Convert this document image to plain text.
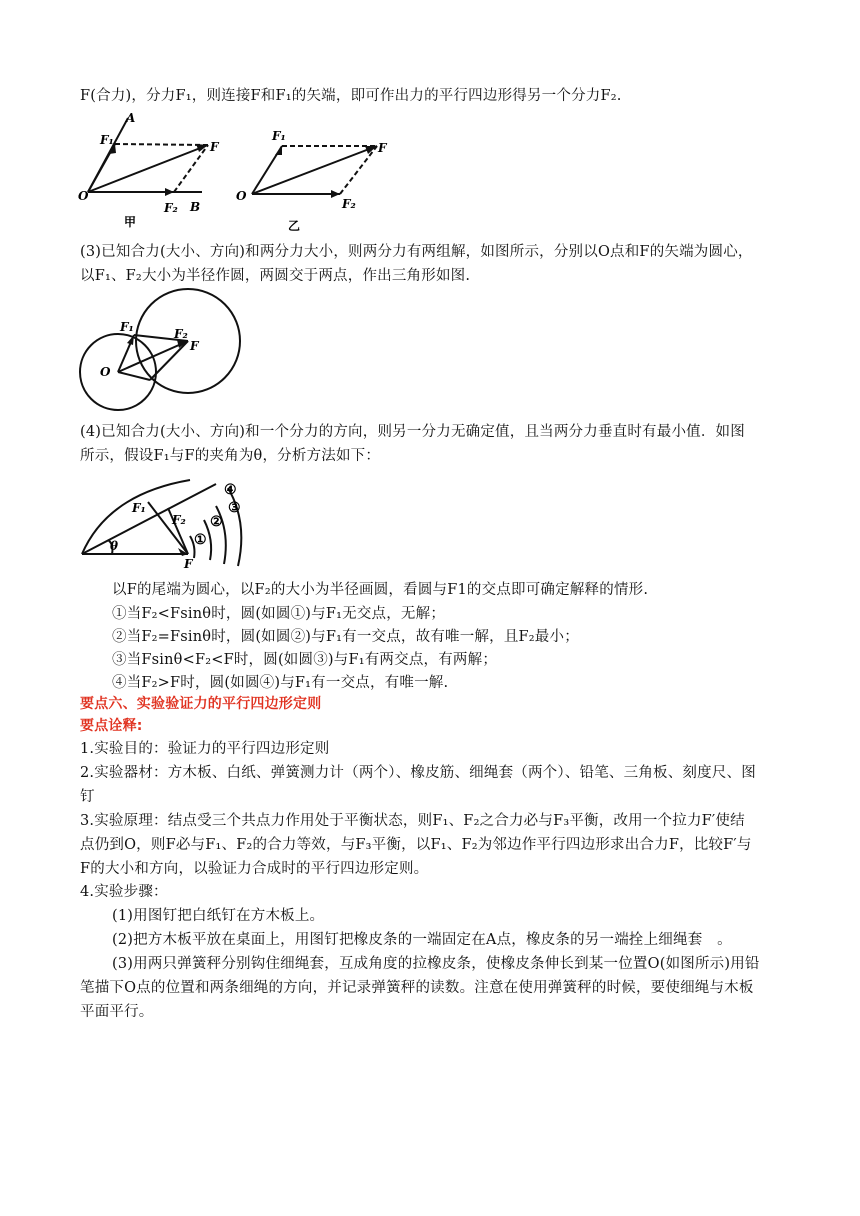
F(合力)，分力F₁，则连接F和F₁的矢端，即可作出力的平行四边形得另一个分力F₂.
A
F₁	F
O
F₂ B
甲
F₁
F
O
F₂
乙
(3)已知合力(大小、方向)和两分力大小，则两分力有两组解，如图所示，分别以O点和F的矢端为圆心，
以F₁、F₂大小为半径作圆，两圆交于两点，作出三角形如图.
F₁	F₂
F
O
(4)已知合力(大小、方向)和一个分力的方向，则另一分力无确定值，且当两分力垂直时有最小值．如图
所示，假设F₁与F的夹角为θ，分析方法如下：
F₁
F₂
F
θ	①
②
③
④
以F的尾端为圆心，以F₂的大小为半径画圆，看圆与F1的交点即可确定解释的情形.
①当F₂<Fsinθ时，圆(如圆①)与F₁无交点，无解；
②当F₂=Fsinθ时，圆(如圆②)与F₁有一交点，故有唯一解，且F₂最小；
③当Fsinθ<F₂<F时，圆(如圆③)与F₁有两交点，有两解；
④当F₂>F时，圆(如圆④)与F₁有一交点，有唯一解.
要点六、实验验证力的平行四边形定则
要点诠释:
1.实验目的：验证力的平行四边形定则
2.实验器材：方木板、白纸、弹簧测力计（两个）、橡皮筋、细绳套（两个）、铅笔、三角板、刻度尺、图
钉
3.实验原理：结点受三个共点力作用处于平衡状态，则F₁、F₂之合力必与F₃平衡，改用一个拉力F′使结
点仍到O，则F必与F₁、F₂的合力等效，与F₃平衡，以F₁、F₂为邻边作平行四边形求出合力F，比较F′与
F的大小和方向，以验证力合成时的平行四边形定则。
4.实验步骤：
(1)用图钉把白纸钉在方木板上。
(2)把方木板平放在桌面上，用图钉把橡皮条的一端固定在A点，橡皮条的另一端拴上细绳套　。
(3)用两只弹簧秤分别钩住细绳套，互成角度的拉橡皮条，使橡皮条伸长到某一位置O(如图所示)用铅
笔描下O点的位置和两条细绳的方向，并记录弹簧秤的读数。注意在使用弹簧秤的时候，要使细绳与木板
平面平行。
